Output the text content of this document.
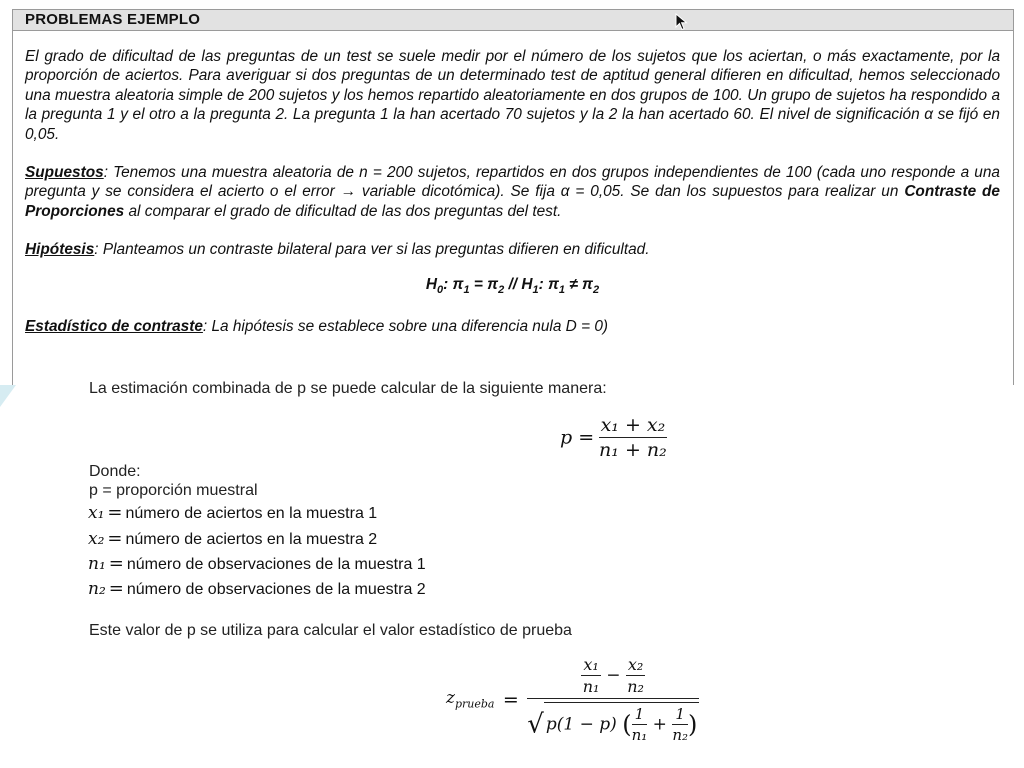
PROBLEMAS EJEMPLO

El grado de dificultad de las preguntas de un test se suele medir por el número de los sujetos que los aciertan, o más exactamente, por la proporción de aciertos. Para averiguar si dos preguntas de un determinado test de aptitud general difieren en dificultad, hemos seleccionado una muestra aleatoria simple de 200 sujetos y los hemos repartido aleatoriamente en dos grupos de 100. Un grupo de sujetos ha respondido a la pregunta 1 y el otro a la pregunta 2. La pregunta 1 la han acertado 70 sujetos y la 2 la han acertado 60. El nivel de significación α se fijó en 0,05.

Supuestos: Tenemos una muestra aleatoria de n = 200 sujetos, repartidos en dos grupos independientes de 100 (cada uno responde a una pregunta y se considera el acierto o el error → variable dicotómica). Se fija α = 0,05. Se dan los supuestos para realizar un Contraste de Proporciones al comparar el grado de dificultad de las dos preguntas del test.

Hipótesis: Planteamos un contraste bilateral para ver si las preguntas difieren en dificultad.

$H_0$: $\pi_1 = \pi_2 // H_1$: $\pi_1 \ne \pi_2$

Estadístico de contraste: La hipótesis se establece sobre una diferencia nula D = 0)

La estimación combinada de p se puede calcular de la siguiente manera:
$p = \frac{\text{x₁ + x₂}}{\text{n₁ + n₂}}$
Donde:
p = proporción muestral
x₁ = número de aciertos en la muestra 1
x₂ = número de aciertos en la muestra 2
n₁ = número de observaciones de la muestra 1
n₂ = número de observaciones de la muestra 2
Este valor de p se utiliza para calcular el valor estadístico de prueba
$z_{prueba} = \frac{\frac{\text{x₁}}{\text{n₁}} - \frac{\text{x₂}}{\text{n₂}}}{√ p(1 - p) ( \frac{1}{\text{n₁}} + \frac{1}{\text{n₂}} )}$
